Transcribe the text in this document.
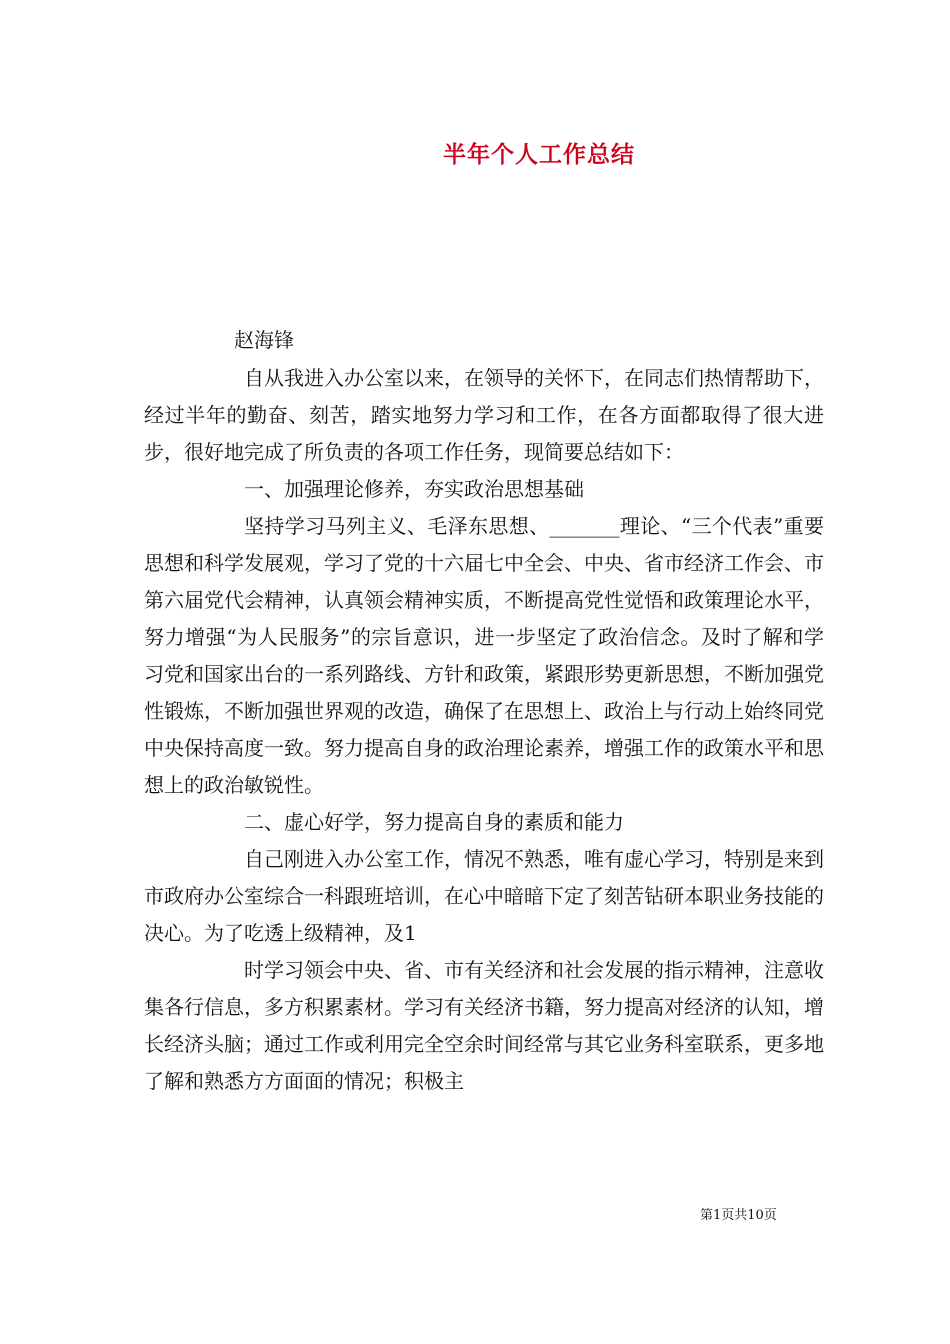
半年个人工作总结

赵海锋

自从我进入办公室以来，在领导的关怀下，在同志们热情帮助下，经过半年的勤奋、刻苦，踏实地努力学习和工作，在各方面都取得了很大进步，很好地完成了所负责的各项工作任务，现简要总结如下：

一、加强理论修养，夯实政治思想基础

坚持学习马列主义、毛泽东思想、_______理论、“三个代表”重要思想和科学发展观，学习了党的十六届七中全会、中央、省市经济工作会、市第六届党代会精神，认真领会精神实质，不断提高党性觉悟和政策理论水平，努力增强“为人民服务”的宗旨意识，进一步坚定了政治信念。及时了解和学习党和国家出台的一系列路线、方针和政策，紧跟形势更新思想，不断加强党性锻炼，不断加强世界观的改造，确保了在思想上、政治上与行动上始终同党中央保持高度一致。努力提高自身的政治理论素养，增强工作的政策水平和思想上的政治敏锐性。

二、虚心好学，努力提高自身的素质和能力

自己刚进入办公室工作，情况不熟悉，唯有虚心学习，特别是来到市政府办公室综合一科跟班培训，在心中暗暗下定了刻苦钻研本职业务技能的决心。为了吃透上级精神，及1

时学习领会中央、省、市有关经济和社会发展的指示精神，注意收集各行信息，多方积累素材。学习有关经济书籍，努力提高对经济的认知，增长经济头脑；通过工作或利用完全空余时间经常与其它业务科室联系，更多地了解和熟悉方方面面的情况；积极主

第1页共10页
